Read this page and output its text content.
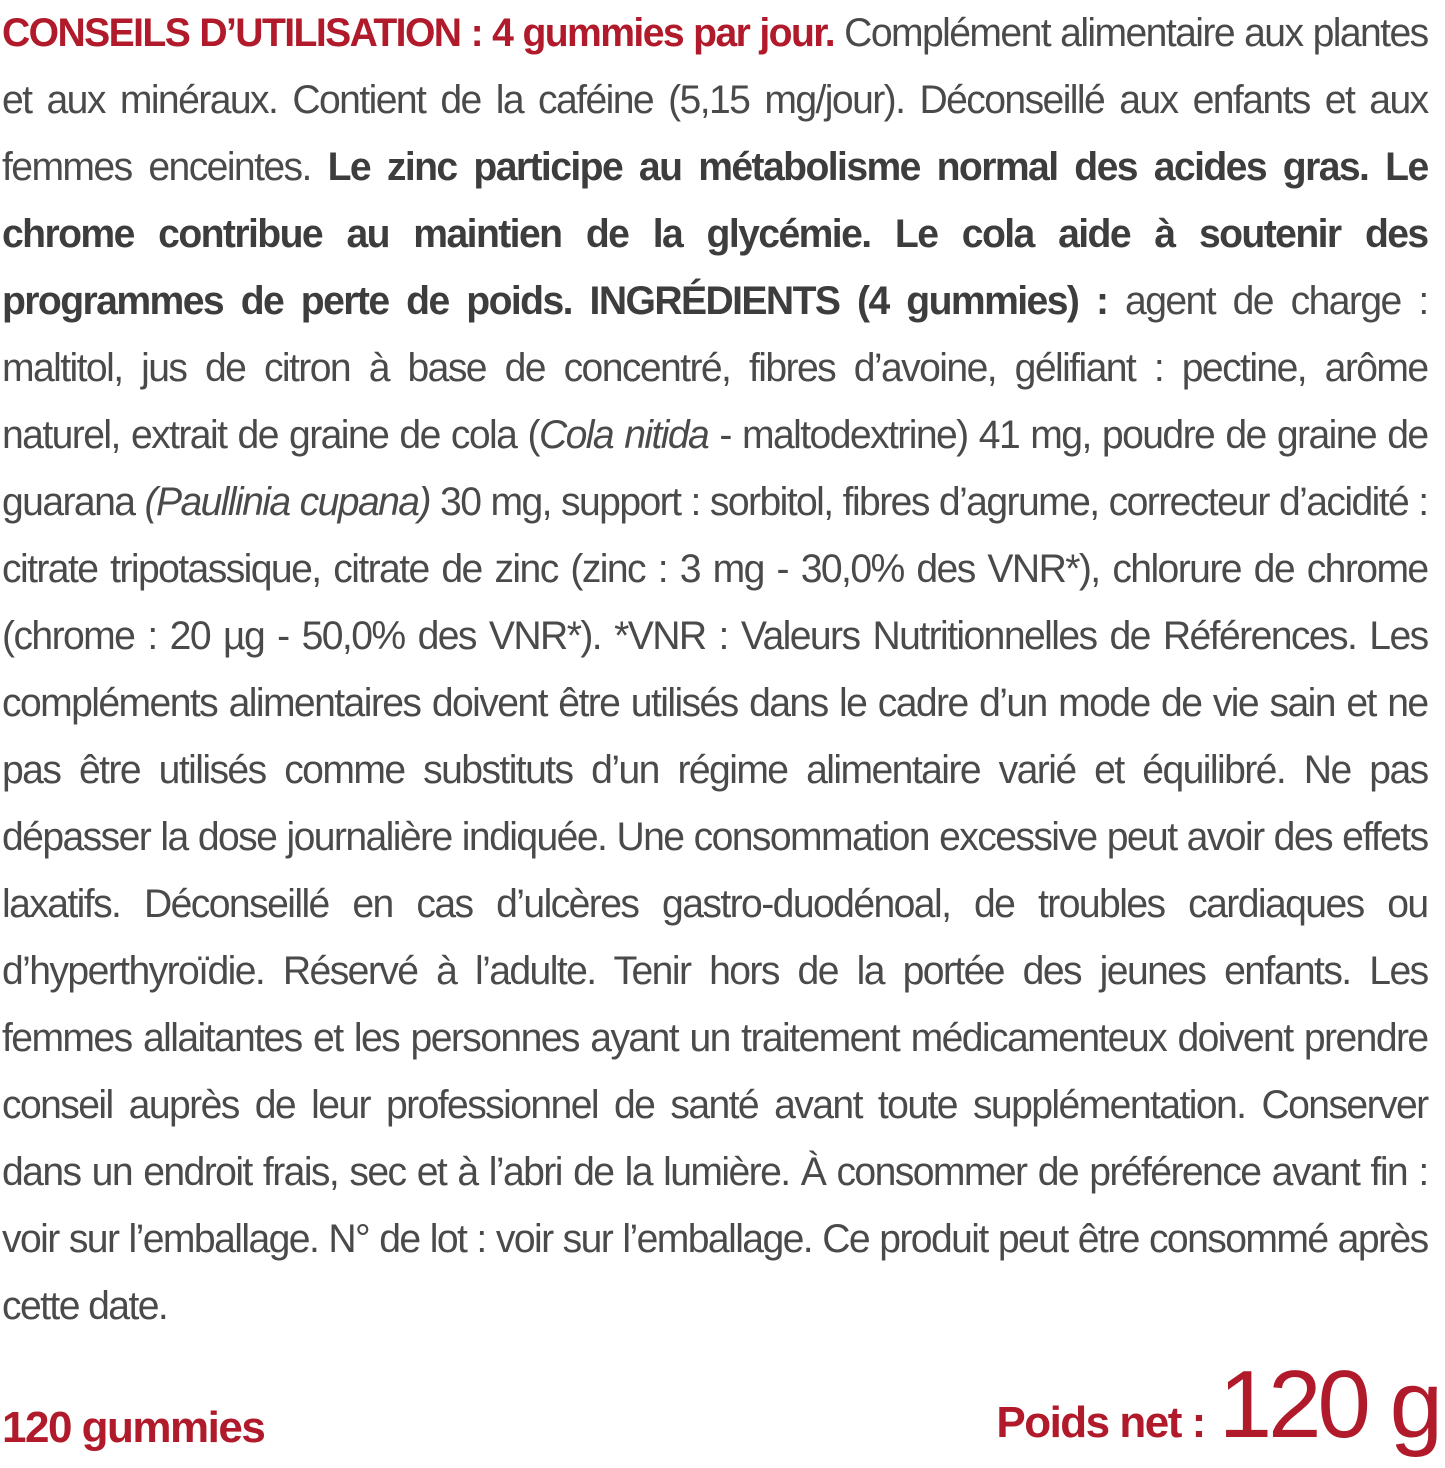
CONSEILS D’UTILISATION : 4 gummies par jour. Complément alimentaire aux plantes et aux minéraux. Contient de la caféine (5,15 mg/jour). Déconseillé aux enfants et aux femmes enceintes. Le zinc participe au métabolisme normal des acides gras. Le chrome contribue au maintien de la glycémie. Le cola aide à soutenir des programmes de perte de poids. INGRÉDIENTS (4 gummies) : agent de charge : maltitol, jus de citron à base de concentré, fibres d’avoine, gélifiant : pectine, arôme naturel, extrait de graine de cola (Cola nitida - maltodextrine) 41 mg, poudre de graine de guarana (Paullinia cupana) 30 mg, support : sorbitol, fibres d’agrume, correcteur d’acidité : citrate tripotassique, citrate de zinc (zinc : 3 mg - 30,0% des VNR*), chlorure de chrome (chrome : 20 µg - 50,0% des VNR*). *VNR : Valeurs Nutritionnelles de Références. Les compléments alimentaires doivent être utilisés dans le cadre d’un mode de vie sain et ne pas être utilisés comme substituts d’un régime alimentaire varié et équilibré. Ne pas dépasser la dose journalière indiquée. Une consommation excessive peut avoir des effets laxatifs. Déconseillé en cas d’ulcères gastro-duodénoal, de troubles cardiaques ou d’hyperthyroïdie. Réservé à l’adulte. Tenir hors de la portée des jeunes enfants. Les femmes allaitantes et les personnes ayant un traitement médicamenteux doivent prendre conseil auprès de leur professionnel de santé avant toute supplémentation. Conserver dans un endroit frais, sec et à l’abri de la lumière. À consommer de préférence avant fin : voir sur l’emballage. N° de lot : voir sur l’emballage. Ce produit peut être consommé après cette date.
120 gummies	Poids net : 120 g
